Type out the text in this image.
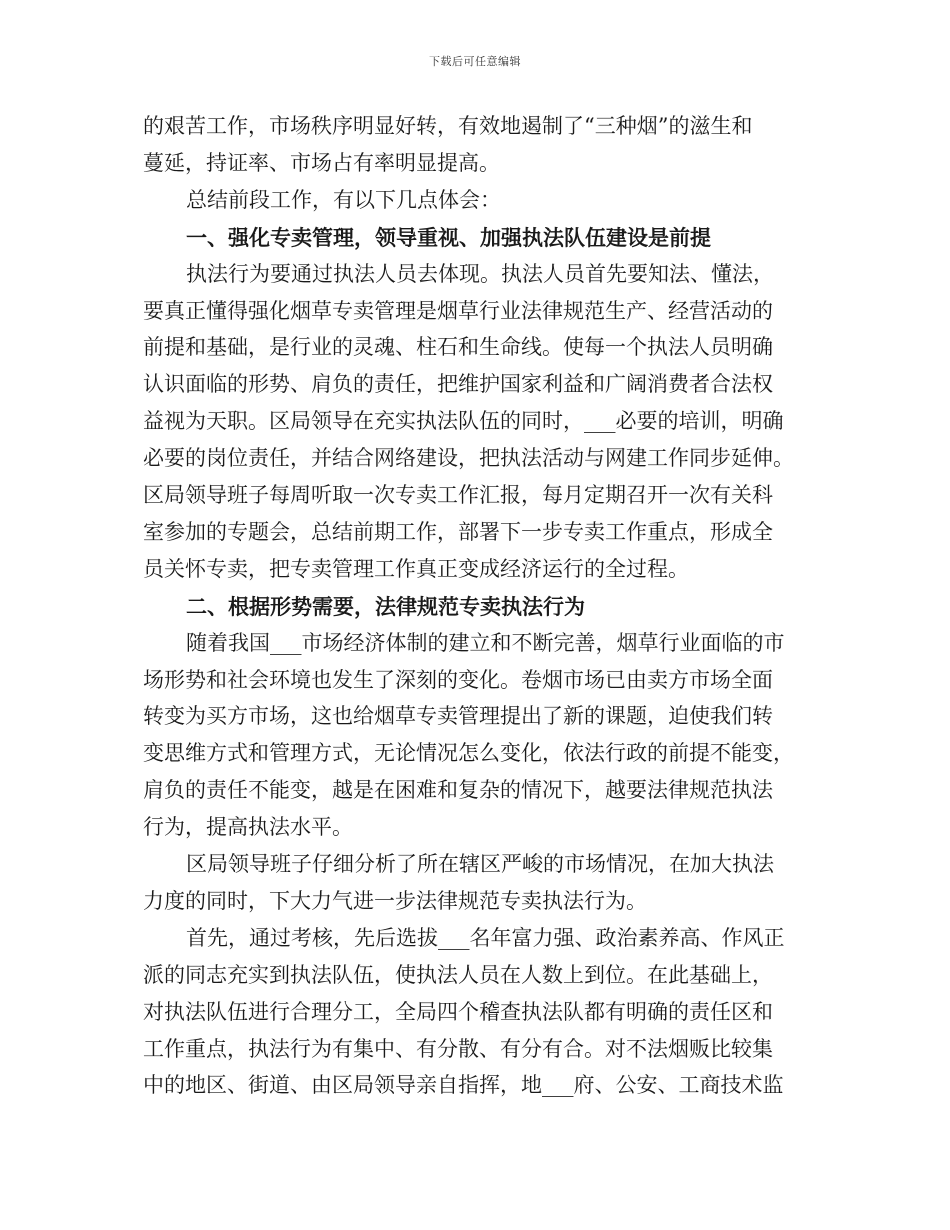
下载后可任意编辑
的艰苦工作，市场秩序明显好转，有效地遏制了“三种烟”的滋生和
蔓延，持证率、市场占有率明显提高。
总结前段工作，有以下几点体会：
一、强化专卖管理，领导重视、加强执法队伍建设是前提
执法行为要通过执法人员去体现。执法人员首先要知法、懂法，
要真正懂得强化烟草专卖管理是烟草行业法律规范生产、经营活动的
前提和基础，是行业的灵魂、柱石和生命线。使每一个执法人员明确
认识面临的形势、肩负的责任，把维护国家利益和广阔消费者合法权
益视为天职。区局领导在充实执法队伍的同时，___必要的培训，明确
必要的岗位责任，并结合网络建设，把执法活动与网建工作同步延伸。
区局领导班子每周听取一次专卖工作汇报，每月定期召开一次有关科
室参加的专题会，总结前期工作，部署下一步专卖工作重点，形成全
员关怀专卖，把专卖管理工作真正变成经济运行的全过程。
二、根据形势需要，法律规范专卖执法行为
随着我国___市场经济体制的建立和不断完善，烟草行业面临的市
场形势和社会环境也发生了深刻的变化。卷烟市场已由卖方市场全面
转变为买方市场，这也给烟草专卖管理提出了新的课题，迫使我们转
变思维方式和管理方式，无论情况怎么变化，依法行政的前提不能变，
肩负的责任不能变，越是在困难和复杂的情况下，越要法律规范执法
行为，提高执法水平。
区局领导班子仔细分析了所在辖区严峻的市场情况，在加大执法
力度的同时，下大力气进一步法律规范专卖执法行为。
首先，通过考核，先后选拔___名年富力强、政治素养高、作风正
派的同志充实到执法队伍，使执法人员在人数上到位。在此基础上，
对执法队伍进行合理分工，全局四个稽查执法队都有明确的责任区和
工作重点，执法行为有集中、有分散、有分有合。对不法烟贩比较集
中的地区、街道、由区局领导亲自指挥，地___府、公安、工商技术监
